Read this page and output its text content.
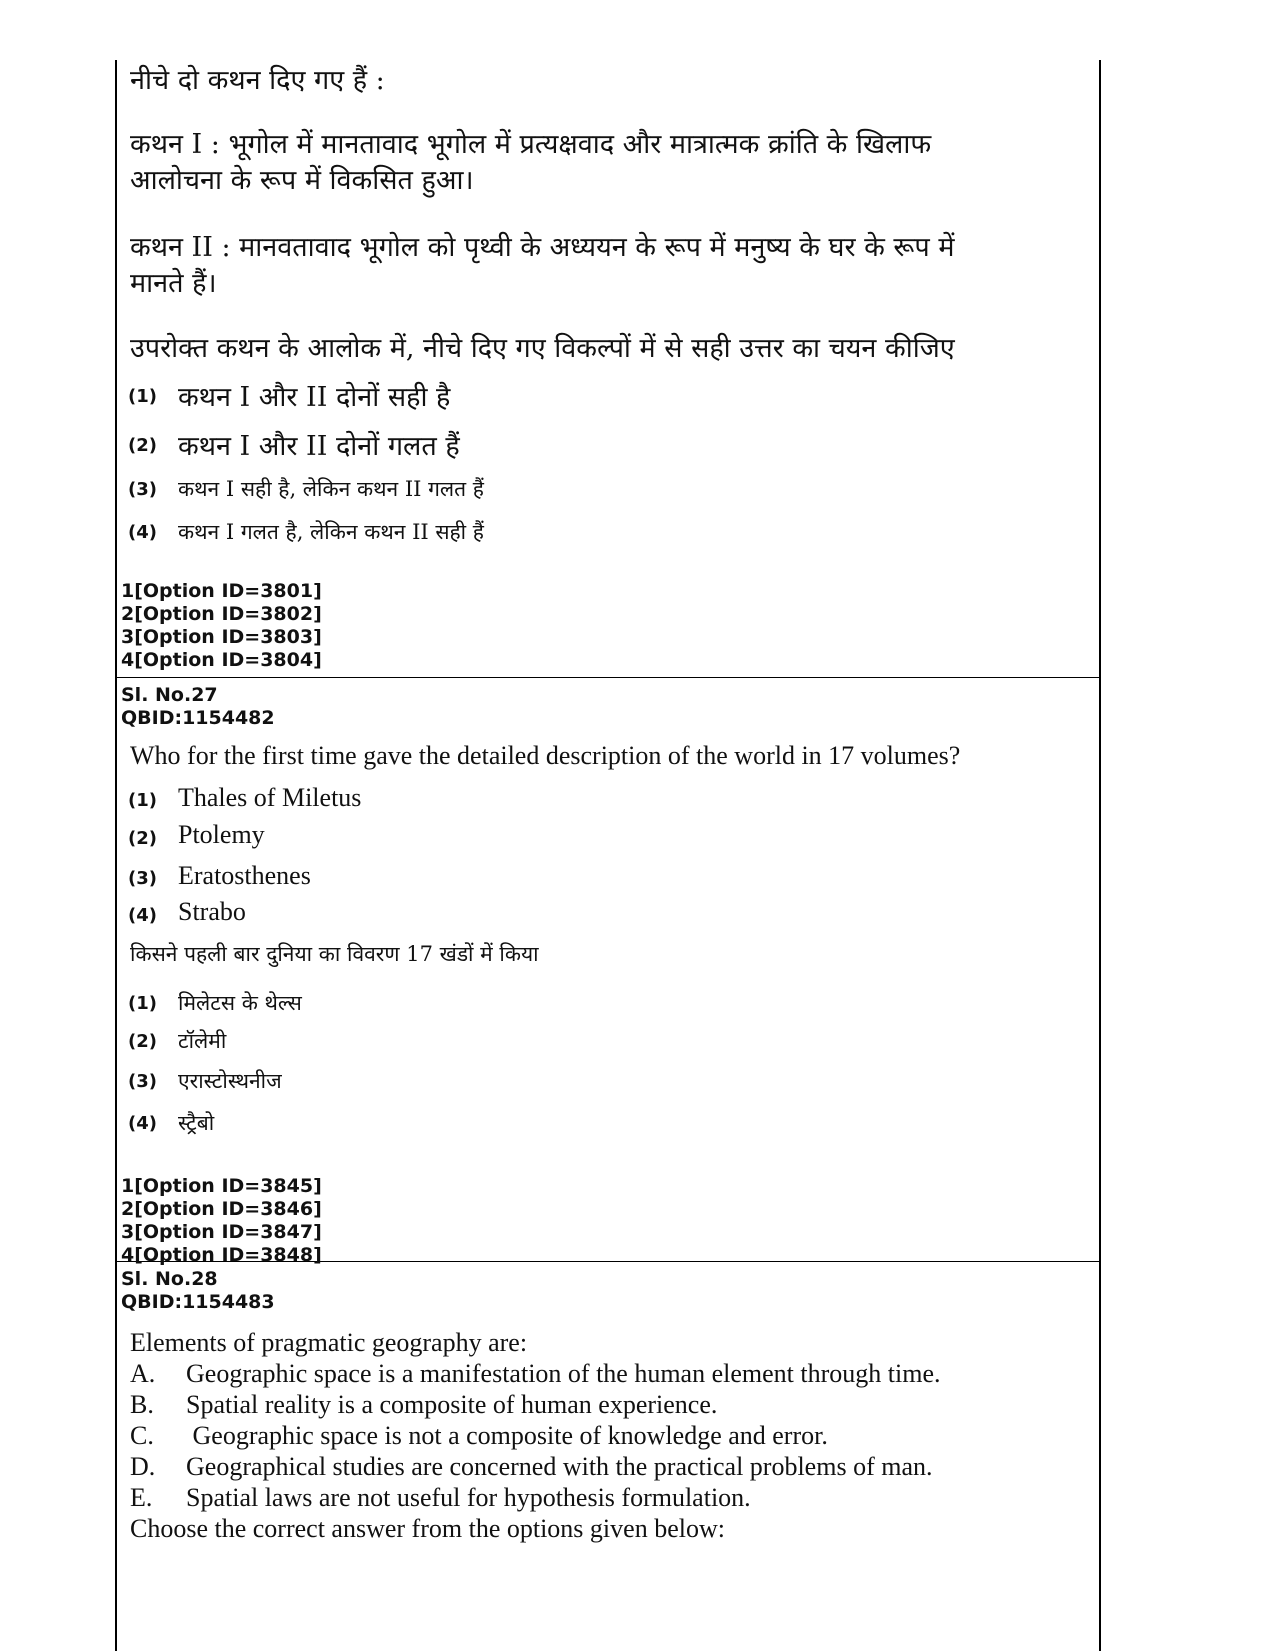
नीचे दो कथन दिए गए हैं :
कथन I : भूगोल में मानतावाद भूगोल में प्रत्यक्षवाद और मात्रात्मक क्रांति के खिलाफ
आलोचना के रूप में विकसित हुआ।
कथन II : मानवतावाद भूगोल को पृथ्वी के अध्ययन के रूप में मनुष्य के घर के रूप में
मानते हैं।
उपरोक्त कथन के आलोक में, नीचे दिए गए विकल्पों में से सही उत्तर का चयन कीजिए
(1) कथन I और II दोनों सही है
(2) कथन I और II दोनों गलत हैं
(3) कथन I सही है, लेकिन कथन II गलत हैं
(4) कथन I गलत है, लेकिन कथन II सही हैं
1[Option ID=3801]
2[Option ID=3802]
3[Option ID=3803]
4[Option ID=3804]
Sl. No.27
QBID:1154482
Who for the first time gave the detailed description of the world in 17 volumes?
(1) Thales of Miletus
(2) Ptolemy
(3) Eratosthenes
(4) Strabo
किसने पहली बार दुनिया का विवरण 17 खंडों में किया
(1) मिलेटस के थेल्स
(2) टॉलेमी
(3) एरास्टोस्थनीज
(4) स्ट्रैबो
1[Option ID=3845]
2[Option ID=3846]
3[Option ID=3847]
4[Option ID=3848]
Sl. No.28
QBID:1154483
Elements of pragmatic geography are:
A. Geographic space is a manifestation of the human element through time.
B. Spatial reality is a composite of human experience.
C. Geographic space is not a composite of knowledge and error.
D. Geographical studies are concerned with the practical problems of man.
E. Spatial laws are not useful for hypothesis formulation.
Choose the correct answer from the options given below:
